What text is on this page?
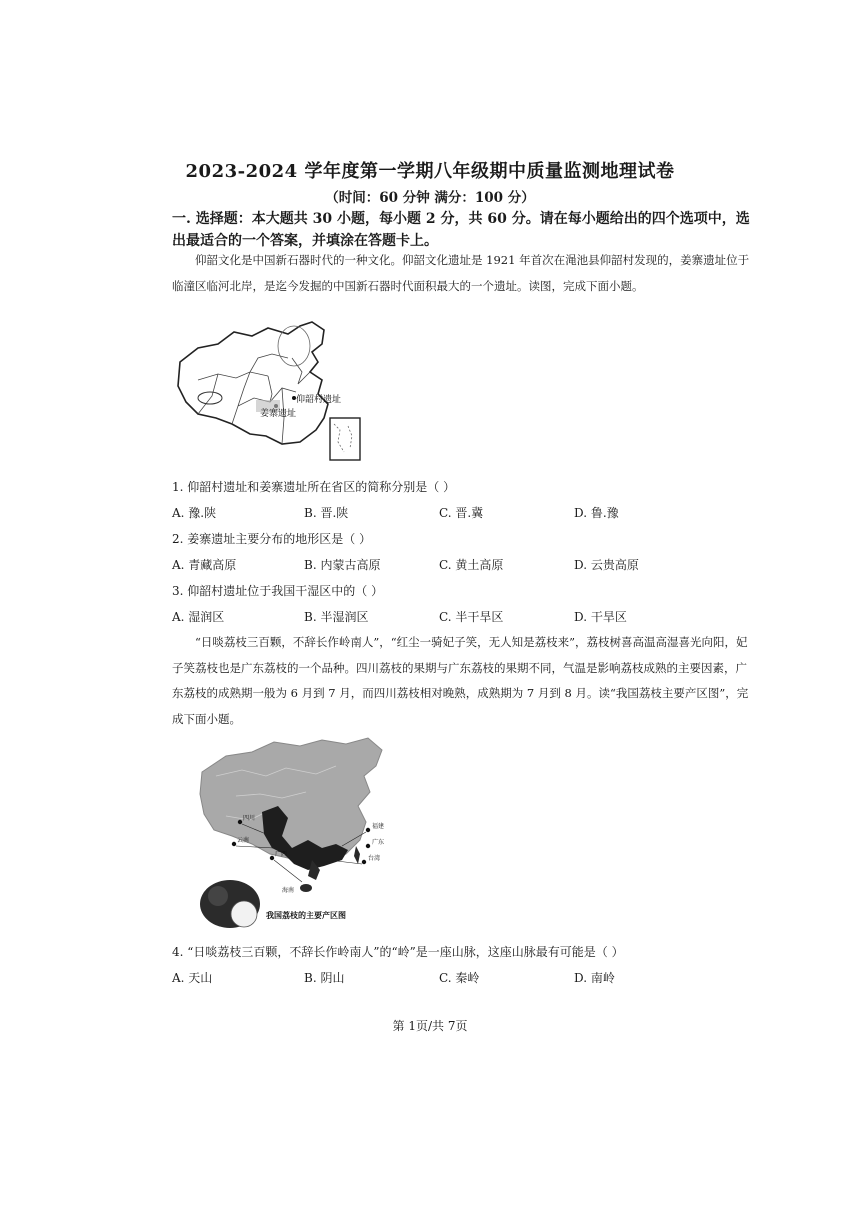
2023-2024 学年度第一学期八年级期中质量监测地理试卷
（时间：60 分钟 满分：100 分）
一. 选择题：本大题共 30 小题，每小题 2 分，共 60 分。请在每小题给出的四个选项中，选出最适合的一个答案，并填涂在答题卡上。
仰韶文化是中国新石器时代的一种文化。仰韶文化遗址是 1921 年首次在渑池县仰韶村发现的，姜寨遗址位于临潼区临河北岸，是迄今发掘的中国新石器时代面积最大的一个遗址。读图，完成下面小题。
仰韶村遗址
姜寨遗址
1. 仰韶村遗址和姜寨遗址所在省区的简称分别是（ ）
A. 豫.陕	B. 晋.陕	C. 晋.冀	D. 鲁.豫
2. 姜寨遗址主要分布的地形区是（ ）
A. 青藏高原	B. 内蒙古高原	C. 黄土高原	D. 云贵高原
3. 仰韶村遗址位于我国干湿区中的（ ）
A. 湿润区	B. 半湿润区	C. 半干旱区	D. 干旱区
“日啖荔枝三百颗，不辞长作岭南人”，“红尘一骑妃子笑，无人知是荔枝来”，荔枝树喜高温高湿喜光向阳，妃子笑荔枝也是广东荔枝的一个品种。四川荔枝的果期与广东荔枝的果期不同，气温是影响荔枝成熟的主要因素，广东荔枝的成熟期一般为 6 月到 7 月，而四川荔枝相对晚熟，成熟期为 7 月到 8 月。读“我国荔枝主要产区图”，完成下面小题。
四川
福建
广东
云南
广西
台湾
海南
我国荔枝的主要产区图
4. “日啖荔枝三百颗，不辞长作岭南人”的“岭”是一座山脉，这座山脉最有可能是（ ）
A. 天山	B. 阴山	C. 秦岭	D. 南岭
第 1页/共 7页
